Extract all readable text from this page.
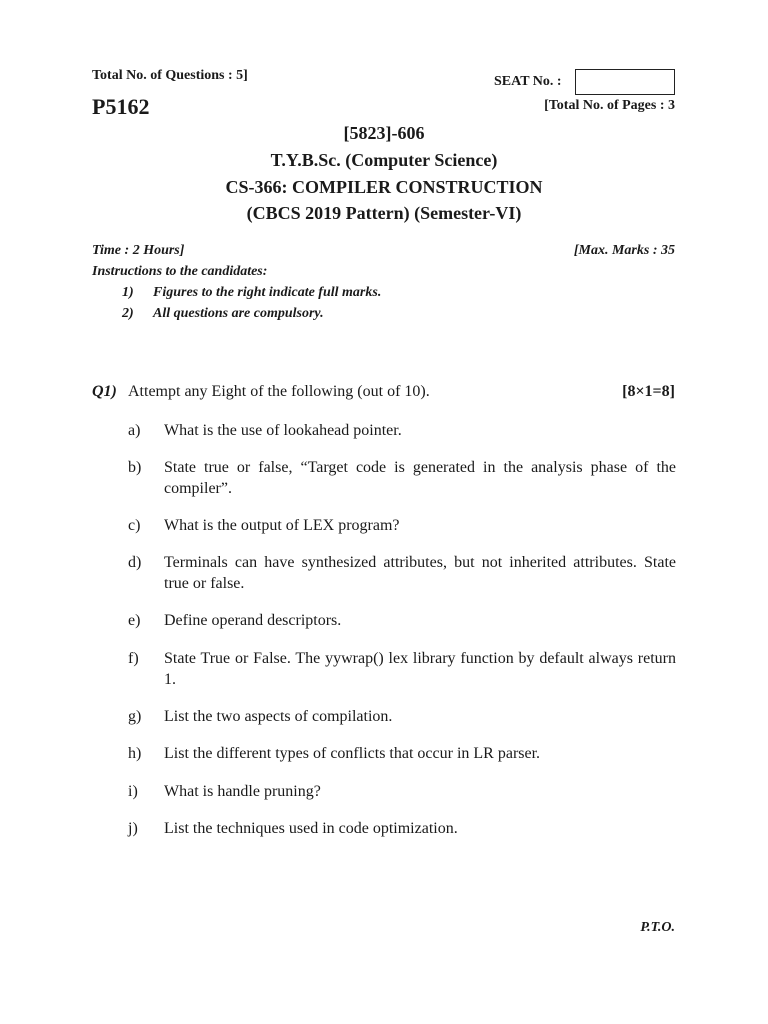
Total No. of Questions : 5]	SEAT No. :
P5162	[Total No. of Pages : 3
[5823]-606
T.Y.B.Sc. (Computer Science)
CS-366: COMPILER CONSTRUCTION
(CBCS 2019 Pattern) (Semester-VI)
Time : 2 Hours]	[Max. Marks : 35
Instructions to the candidates:
1)	Figures to the right indicate full marks.
2)	All questions are compulsory.
Q1) Attempt any Eight of the following (out of 10).	[8×1=8]
a)	What is the use of lookahead pointer.
b)	State true or false, “Target code is generated in the analysis phase of the compiler”.
c)	What is the output of LEX program?
d)	Terminals can have synthesized attributes, but not inherited attributes. State true or false.
e)	Define operand descriptors.
f)	State True or False. The yywrap() lex library function by default always return 1.
g)	List the two aspects of compilation.
h)	List the different types of conflicts that occur in LR parser.
i)	What is handle pruning?
j)	List the techniques used in code optimization.
P.T.O.
